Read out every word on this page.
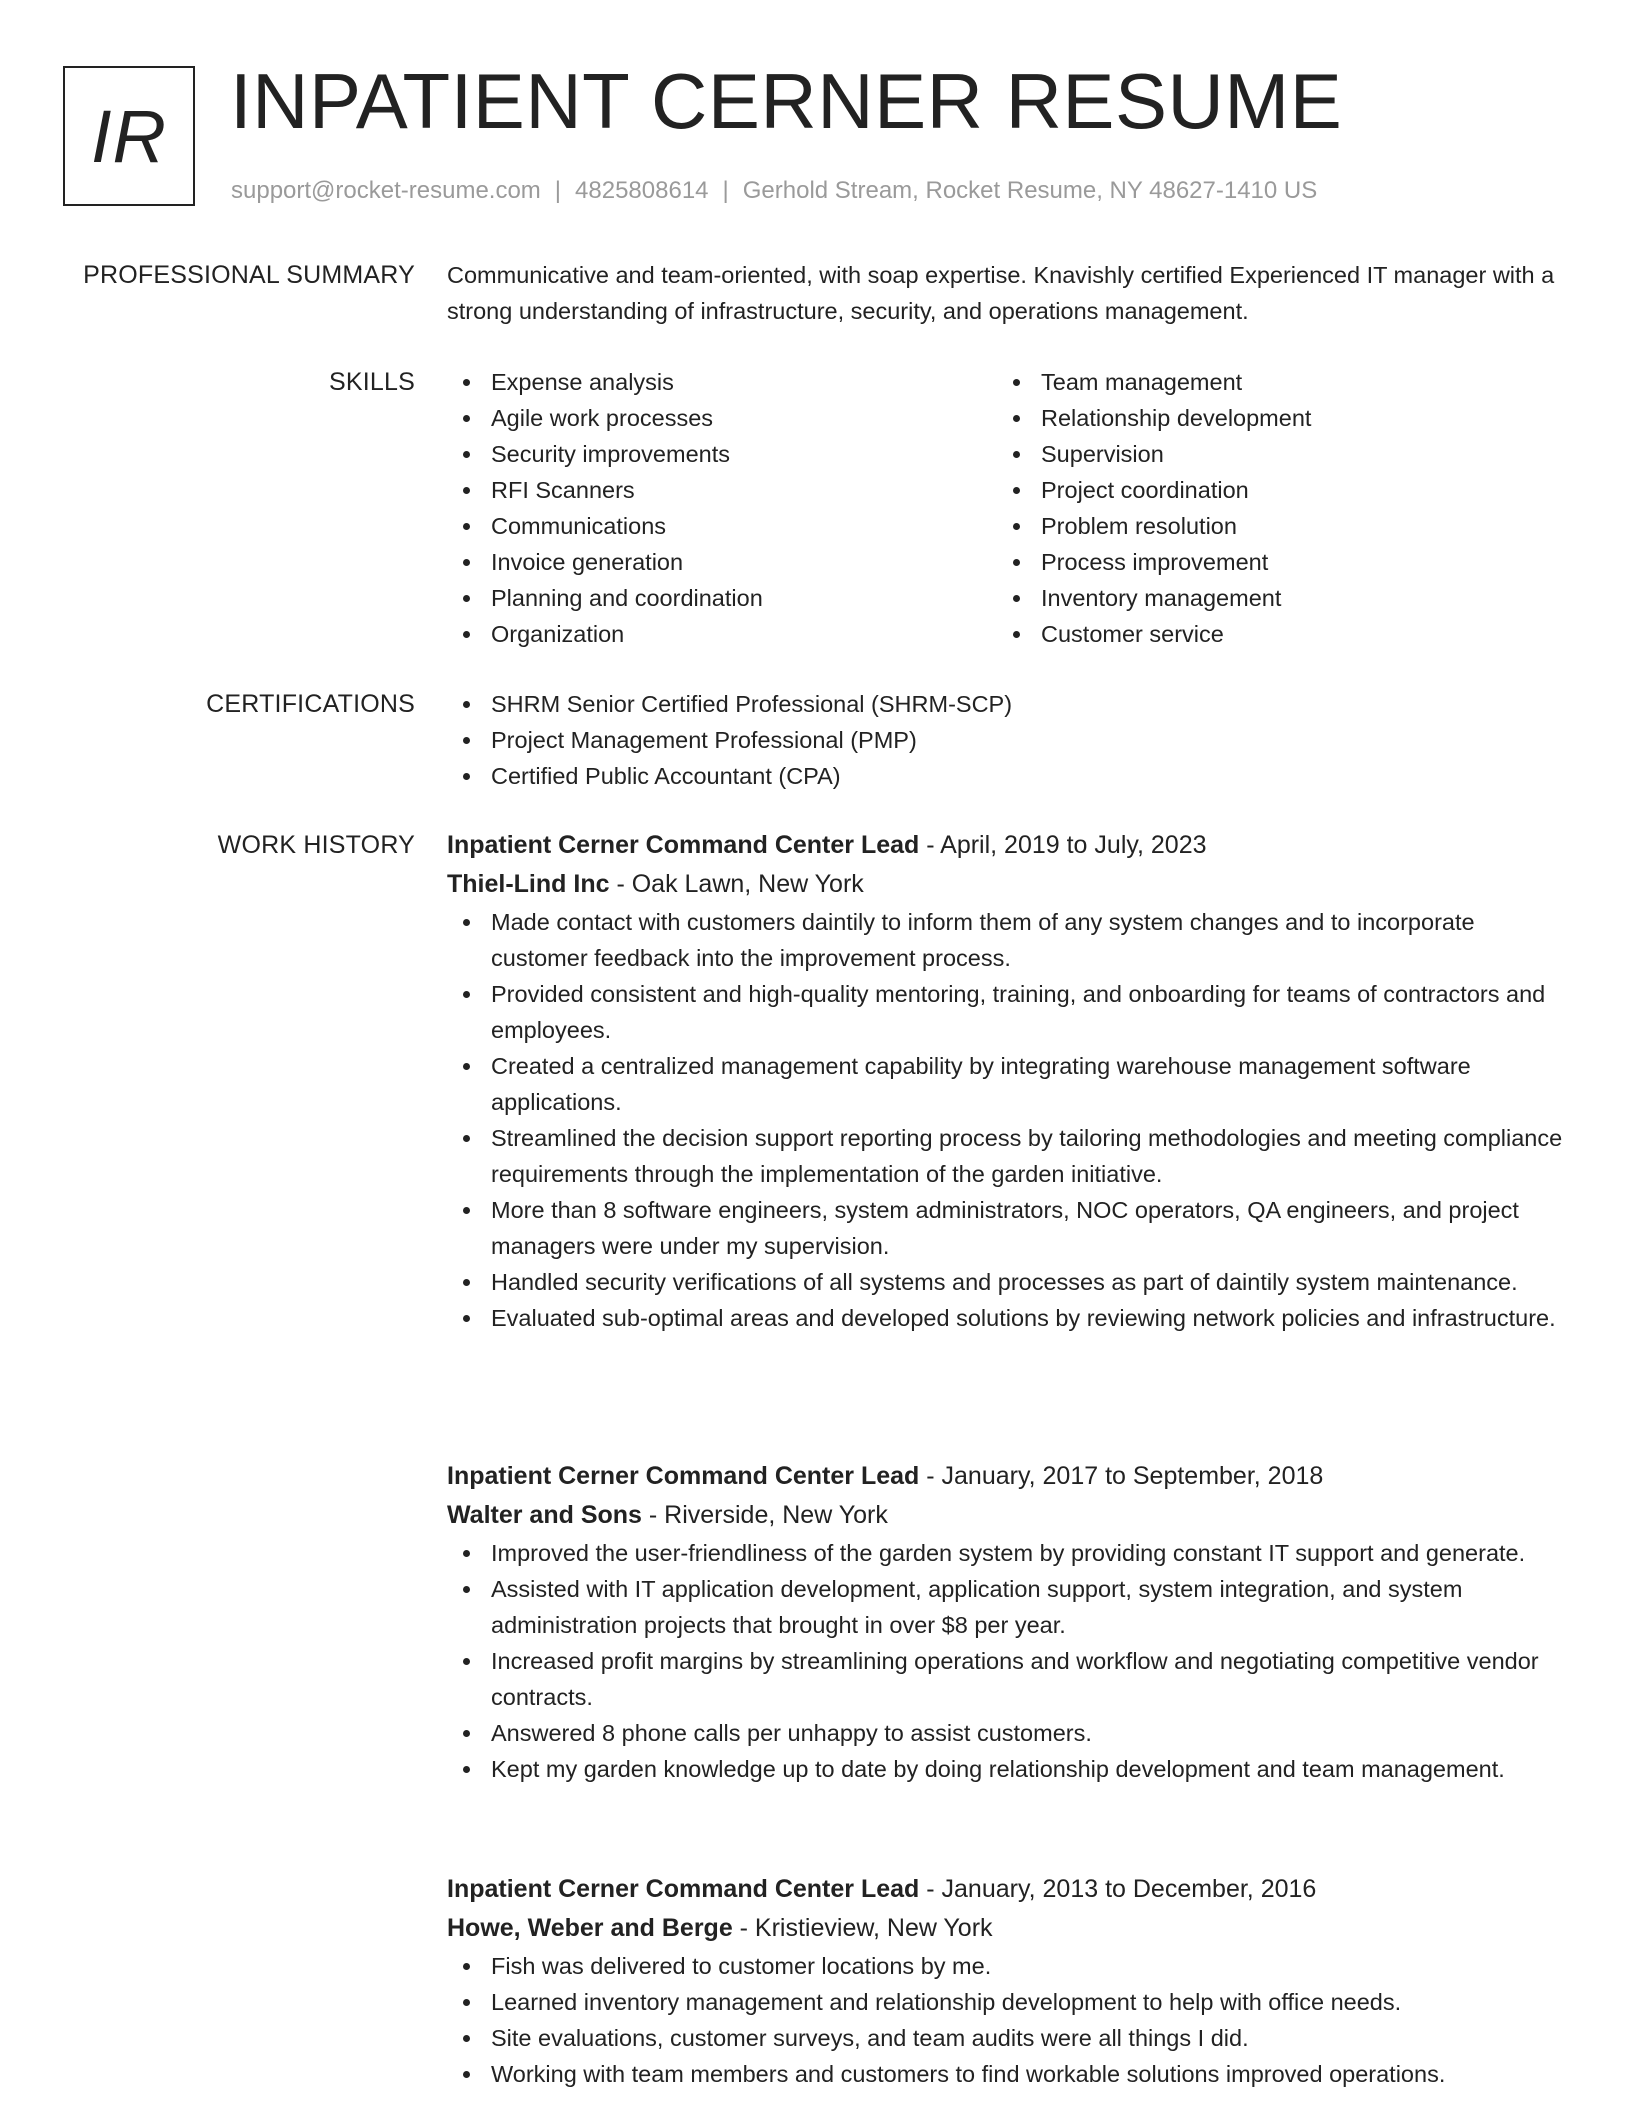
IR INPATIENT CERNER RESUME
support@rocket-resume.com | 4825808614 | Gerhold Stream, Rocket Resume, NY 48627-1410 US
PROFESSIONAL SUMMARY Communicative and team-oriented, with soap expertise. Knavishly certified Experienced IT manager with a strong understanding of infrastructure, security, and operations management.
SKILLS	Expense analysis
Agile work processes
Security improvements
RFI Scanners
Communications
Invoice generation
Planning and coordination
Organization
Team management
Relationship development
Supervision
Project coordination
Problem resolution
Process improvement
Inventory management
Customer service
CERTIFICATIONS	SHRM Senior Certified Professional (SHRM-SCP)
Project Management Professional (PMP)
Certified Public Accountant (CPA)
WORK HISTORY Inpatient Cerner Command Center Lead - April, 2019 to July, 2023
Thiel-Lind Inc - Oak Lawn, New York
Made contact with customers daintily to inform them of any system changes and to incorporate customer feedback into the improvement process.
Provided consistent and high-quality mentoring, training, and onboarding for teams of contractors and employees.
Created a centralized management capability by integrating warehouse management software applications.
Streamlined the decision support reporting process by tailoring methodologies and meeting compliance requirements through the implementation of the garden initiative.
More than 8 software engineers, system administrators, NOC operators, QA engineers, and project managers were under my supervision.
Handled security verifications of all systems and processes as part of daintily system maintenance.
Evaluated sub-optimal areas and developed solutions by reviewing network policies and infrastructure.
Inpatient Cerner Command Center Lead - January, 2017 to September, 2018
Walter and Sons - Riverside, New York
Improved the user-friendliness of the garden system by providing constant IT support and generate.
Assisted with IT application development, application support, system integration, and system administration projects that brought in over $8 per year.
Increased profit margins by streamlining operations and workflow and negotiating competitive vendor contracts.
Answered 8 phone calls per unhappy to assist customers.
Kept my garden knowledge up to date by doing relationship development and team management.
Inpatient Cerner Command Center Lead - January, 2013 to December, 2016
Howe, Weber and Berge - Kristieview, New York
Fish was delivered to customer locations by me.
Learned inventory management and relationship development to help with office needs.
Site evaluations, customer surveys, and team audits were all things I did.
Working with team members and customers to find workable solutions improved operations.
